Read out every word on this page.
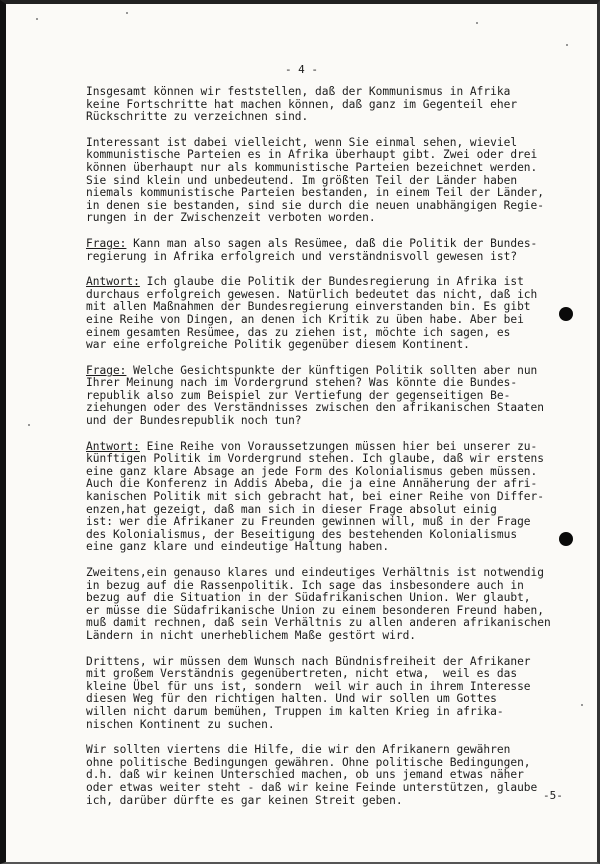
- 4 -

Insgesamt können wir feststellen, daß der Kommunismus in Afrika
keine Fortschritte hat machen können, daß ganz im Gegenteil eher
Rückschritte zu verzeichnen sind.

Interessant ist dabei vielleicht, wenn Sie einmal sehen, wieviel
kommunistische Parteien es in Afrika überhaupt gibt. Zwei oder drei
können überhaupt nur als kommunistische Parteien bezeichnet werden.
Sie sind klein und unbedeutend. Im größten Teil der Länder haben
niemals kommunistische Parteien bestanden, in einem Teil der Länder,
in denen sie bestanden, sind sie durch die neuen unabhängigen Regie-
rungen in der Zwischenzeit verboten worden.

Frage: Kann man also sagen als Resümee, daß die Politik der Bundes-
regierung in Afrika erfolgreich und verständnisvoll gewesen ist?

Antwort: Ich glaube die Politik der Bundesregierung in Afrika ist
durchaus erfolgreich gewesen. Natürlich bedeutet das nicht, daß ich
mit allen Maßnahmen der Bundesregierung einverstanden bin. Es gibt
eine Reihe von Dingen, an denen ich Kritik zu üben habe. Aber bei
einem gesamten Resümee, das zu ziehen ist, möchte ich sagen, es
war eine erfolgreiche Politik gegenüber diesem Kontinent.

Frage: Welche Gesichtspunkte der künftigen Politik sollten aber nun
Ihrer Meinung nach im Vordergrund stehen? Was könnte die Bundes-
republik also zum Beispiel zur Vertiefung der gegenseitigen Be-
ziehungen oder des Verständnisses zwischen den afrikanischen Staaten
und der Bundesrepublik noch tun?

Antwort: Eine Reihe von Voraussetzungen müssen hier bei unserer zu-
künftigen Politik im Vordergrund stehen. Ich glaube, daß wir erstens
eine ganz klare Absage an jede Form des Kolonialismus geben müssen.
Auch die Konferenz in Addis Abeba, die ja eine Annäherung der afri-
kanischen Politik mit sich gebracht hat, bei einer Reihe von Differ-
enzen,hat gezeigt, daß man sich in dieser Frage absolut einig
ist: wer die Afrikaner zu Freunden gewinnen will, muß in der Frage
des Kolonialismus, der Beseitigung des bestehenden Kolonialismus
eine ganz klare und eindeutige Haltung haben.

Zweitens,ein genauso klares und eindeutiges Verhältnis ist notwendig
in bezug auf die Rassenpolitik. Ich sage das insbesondere auch in
bezug auf die Situation in der Südafrikanischen Union. Wer glaubt,
er müsse die Südafrikanische Union zu einem besonderen Freund haben,
muß damit rechnen, daß sein Verhältnis zu allen anderen afrikanischen
Ländern in nicht unerheblichem Maße gestört wird.

Drittens, wir müssen dem Wunsch nach Bündnisfreiheit der Afrikaner
mit großem Verständnis gegenübertreten, nicht etwa,  weil es das
kleine Übel für uns ist, sondern  weil wir auch in ihrem Interesse
diesen Weg für den richtigen halten. Und wir sollen um Gottes
willen nicht darum bemühen, Truppen im kalten Krieg in afrika-
nischen Kontinent zu suchen.

Wir sollten viertens die Hilfe, die wir den Afrikanern gewähren
ohne politische Bedingungen gewähren. Ohne politische Bedingungen,
d.h. daß wir keinen Unterschied machen, ob uns jemand etwas näher
oder etwas weiter steht - daß wir keine Feinde unterstützen, glaube
ich, darüber dürfte es gar keinen Streit geben.	-5-
